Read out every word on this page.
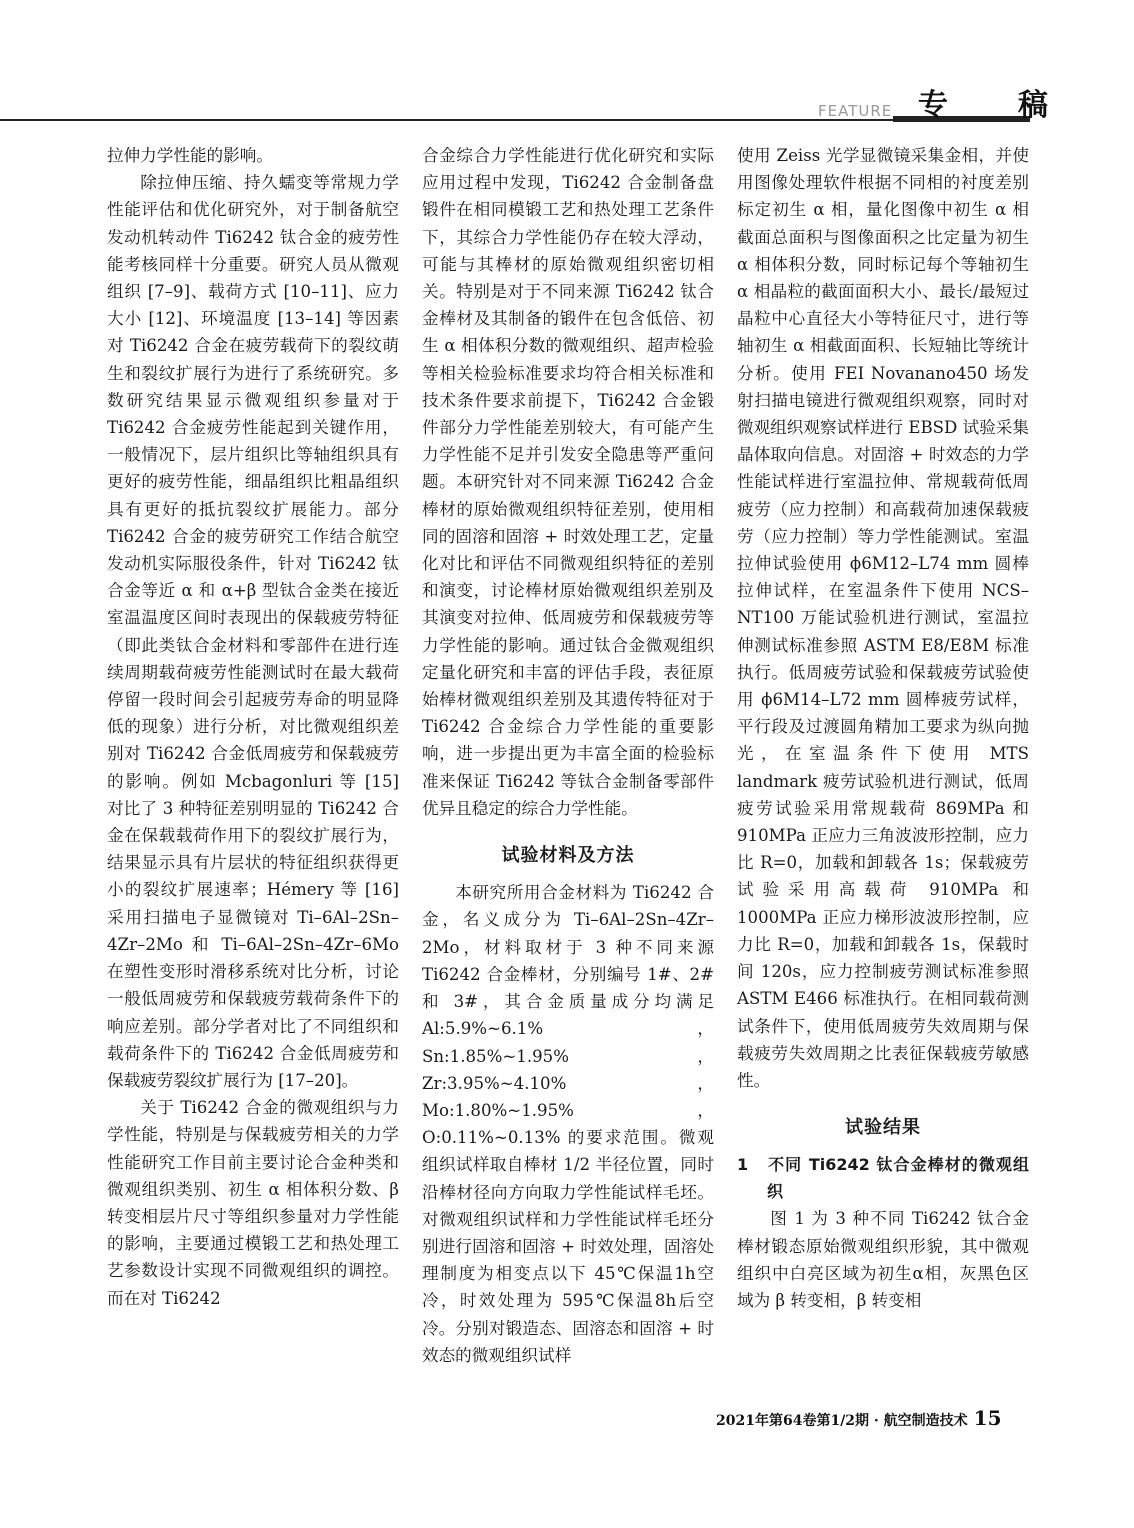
FEATURE 专　稿

拉伸力学性能的影响。

除拉伸压缩、持久蠕变等常规力学性能评估和优化研究外，对于制备航空发动机转动件 Ti6242 钛合金的疲劳性能考核同样十分重要。研究人员从微观组织 [7–9]、载荷方式 [10–11]、应力大小 [12]、环境温度 [13–14] 等因素对 Ti6242 合金在疲劳载荷下的裂纹萌生和裂纹扩展行为进行了系统研究。多数研究结果显示微观组织参量对于 Ti6242 合金疲劳性能起到关键作用，一般情况下，层片组织比等轴组织具有更好的疲劳性能，细晶组织比粗晶组织具有更好的抵抗裂纹扩展能力。部分 Ti6242 合金的疲劳研究工作结合航空发动机实际服役条件，针对 Ti6242 钛合金等近 α 和 α+β 型钛合金类在接近室温温度区间时表现出的保载疲劳特征（即此类钛合金材料和零部件在进行连续周期载荷疲劳性能测试时在最大载荷停留一段时间会引起疲劳寿命的明显降低的现象）进行分析，对比微观组织差别对 Ti6242 合金低周疲劳和保载疲劳的影响。例如 Mcbagonluri 等 [15] 对比了 3 种特征差别明显的 Ti6242 合金在保载载荷作用下的裂纹扩展行为，结果显示具有片层状的特征组织获得更小的裂纹扩展速率；Hémery 等 [16] 采用扫描电子显微镜对 Ti–6Al–2Sn–4Zr–2Mo 和 Ti–6Al–2Sn–4Zr–6Mo 在塑性变形时滑移系统对比分析，讨论一般低周疲劳和保载疲劳载荷条件下的响应差别。部分学者对比了不同组织和载荷条件下的 Ti6242 合金低周疲劳和保载疲劳裂纹扩展行为 [17–20]。

关于 Ti6242 合金的微观组织与力学性能，特别是与保载疲劳相关的力学性能研究工作目前主要讨论合金种类和微观组织类别、初生 α 相体积分数、β 转变相层片尺寸等组织参量对力学性能的影响，主要通过模锻工艺和热处理工艺参数设计实现不同微观组织的调控。而在对 Ti6242

合金综合力学性能进行优化研究和实际应用过程中发现，Ti6242 合金制备盘锻件在相同模锻工艺和热处理工艺条件下，其综合力学性能仍存在较大浮动，可能与其棒材的原始微观组织密切相关。特别是对于不同来源 Ti6242 钛合金棒材及其制备的锻件在包含低倍、初生 α 相体积分数的微观组织、超声检验等相关检验标准要求均符合相关标准和技术条件要求前提下，Ti6242 合金锻件部分力学性能差别较大，有可能产生力学性能不足并引发安全隐患等严重问题。本研究针对不同来源 Ti6242 合金棒材的原始微观组织特征差别，使用相同的固溶和固溶 + 时效处理工艺，定量化对比和评估不同微观组织特征的差别和演变，讨论棒材原始微观组织差别及其演变对拉伸、低周疲劳和保载疲劳等力学性能的影响。通过钛合金微观组织定量化研究和丰富的评估手段，表征原始棒材微观组织差别及其遗传特征对于 Ti6242 合金综合力学性能的重要影响，进一步提出更为丰富全面的检验标准来保证 Ti6242 等钛合金制备零部件优异且稳定的综合力学性能。

试验材料及方法

本研究所用合金材料为 Ti6242 合金，名义成分为 Ti–6Al–2Sn–4Zr–2Mo，材料取材于 3 种不同来源 Ti6242 合金棒材，分别编号 1#、2# 和 3#，其合金质量成分均满足 Al:5.9%~6.1%，Sn:1.85%~1.95%，Zr:3.95%~4.10%，Mo:1.80%~1.95%，O:0.11%~0.13% 的要求范围。微观组织试样取自棒材 1/2 半径位置，同时沿棒材径向方向取力学性能试样毛坯。对微观组织试样和力学性能试样毛坯分别进行固溶和固溶 + 时效处理，固溶处理制度为相变点以下 45℃保温1h空冷，时效处理为 595℃保温8h后空冷。分别对锻造态、固溶态和固溶 + 时效态的微观组织试样

使用 Zeiss 光学显微镜采集金相，并使用图像处理软件根据不同相的衬度差别标定初生 α 相，量化图像中初生 α 相截面总面积与图像面积之比定量为初生 α 相体积分数，同时标记每个等轴初生 α 相晶粒的截面面积大小、最长/最短过晶粒中心直径大小等特征尺寸，进行等轴初生 α 相截面面积、长短轴比等统计分析。使用 FEI Novanano450 场发射扫描电镜进行微观组织观察，同时对微观组织观察试样进行 EBSD 试验采集晶体取向信息。对固溶 + 时效态的力学性能试样进行室温拉伸、常规载荷低周疲劳（应力控制）和高载荷加速保载疲劳（应力控制）等力学性能测试。室温拉伸试验使用 ϕ6M12–L74 mm 圆棒拉伸试样，在室温条件下使用 NCS–NT100 万能试验机进行测试，室温拉伸测试标准参照 ASTM E8/E8M 标准执行。低周疲劳试验和保载疲劳试验使用 ϕ6M14–L72 mm 圆棒疲劳试样，平行段及过渡圆角精加工要求为纵向抛光，在室温条件下使用 MTS landmark 疲劳试验机进行测试，低周疲劳试验采用常规载荷 869MPa 和 910MPa 正应力三角波波形控制，应力比 R=0，加载和卸载各 1s；保载疲劳试验采用高载荷 910MPa 和 1000MPa 正应力梯形波波形控制，应力比 R=0，加载和卸载各 1s，保载时间 120s，应力控制疲劳测试标准参照 ASTM E466 标准执行。在相同载荷测试条件下，使用低周疲劳失效周期与保载疲劳失效周期之比表征保载疲劳敏感性。

试验结果
1 不同 Ti6242 钛合金棒材的微观组织

图 1 为 3 种不同 Ti6242 钛合金棒材锻态原始微观组织形貌，其中微观组织中白亮区域为初生α相，灰黑色区域为 β 转变相，β 转变相

2021年第64卷第1/2期 · 航空制造技术 15
